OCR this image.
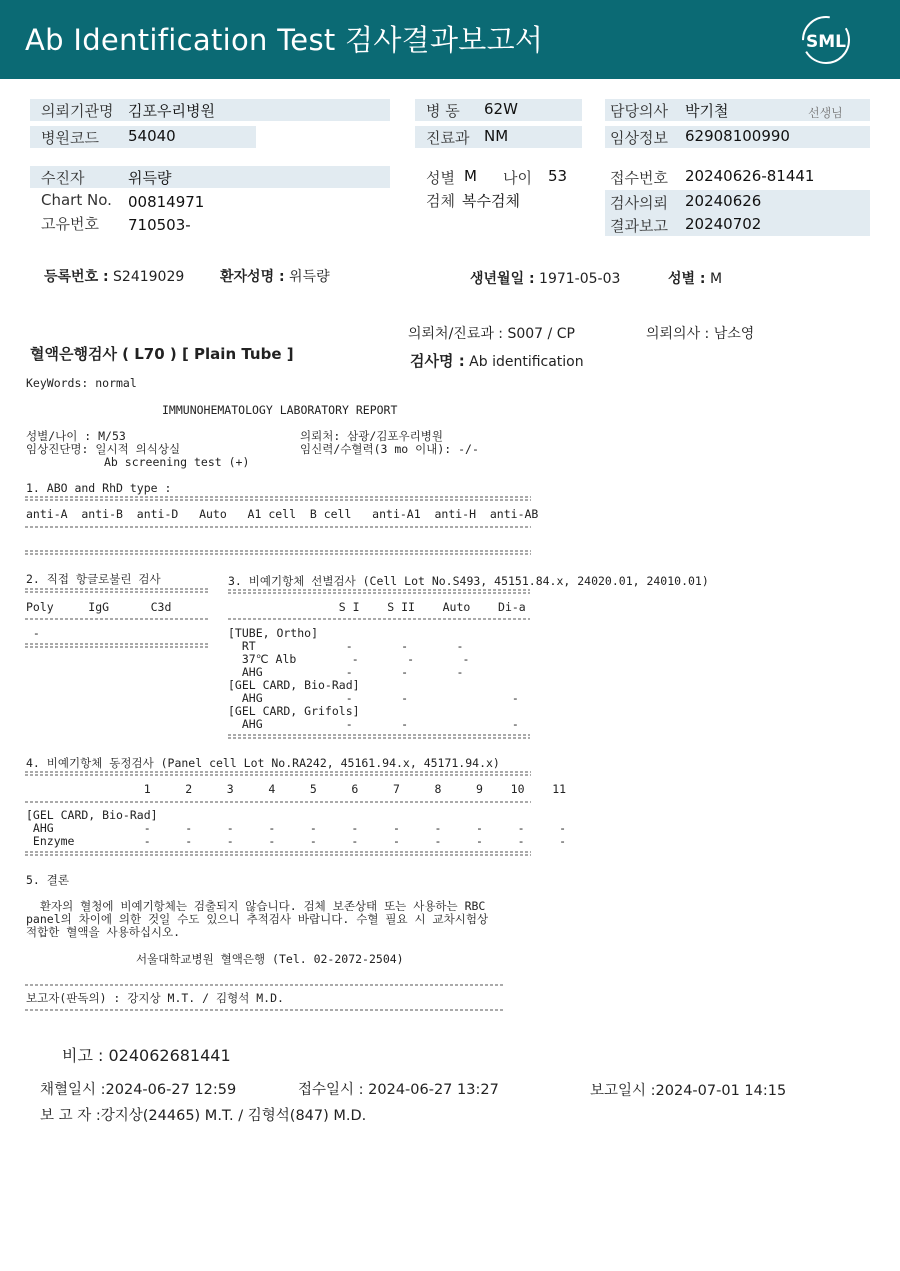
Ab Identification Test 검사결과보고서	SML
의뢰기관명 김포우리병원
병원코드 54040
병 동 62W
진료과 NM
담당의사 박기철	선생님
임상정보 62908100990
수진자	위득량
Chart No. 00814971
고유번호 710503-
성별 M 나이 53
검체 복수검체
접수번호 20240626-81441
검사의뢰 20240626
결과보고 20240702
등록번호 : S2419029	환자성명 : 위득량	생년월일 : 1971-05-03	성별 : M
의뢰처/진료과 : S007 / CP	의뢰의사 : 남소영
혈액은행검사 ( L70 ) [ Plain Tube ]	검사명 : Ab identification
KeyWords: normal
IMMUNOHEMATOLOGY LABORATORY REPORT
성별/나이 : M/53
임상진단명: 일시적 의식상실
Ab screening test (+)
의뢰처: 삼광/김포우리병원
임신력/수혈력(3 mo 이내): -/-
1. ABO and RhD type :
anti-A  anti-B  anti-D   Auto   A1 cell  B cell   anti-A1  anti-H  anti-AB
2. 직접 항글로불린 검사
Poly     IgG      C3d
-
3. 비예기항체 선별검사 (Cell Lot No.S493, 45151.84.x, 24020.01, 24010.01)
S I    S II    Auto    Di-a
[TUBE, Ortho]
RT             -       -       -
37℃ Alb        -       -       -
AHG            -       -       -
[GEL CARD, Bio-Rad]
AHG            -       -               -
[GEL CARD, Grifols]
AHG            -       -               -
4. 비예기항체 동정검사 (Panel cell Lot No.RA242, 45161.94.x, 45171.94.x)
1     2     3     4     5     6     7     8     9    10    11
[GEL CARD, Bio-Rad]
AHG             -     -     -     -     -     -     -     -     -     -     -
Enzyme          -     -     -     -     -     -     -     -     -     -     -
5. 결론
환자의 혈청에 비예기항체는 검출되지 않습니다. 검체 보존상태 또는 사용하는 RBC
panel의 차이에 의한 것일 수도 있으니 추적검사 바랍니다. 수혈 필요 시 교차시험상
적합한 혈액을 사용하십시오.
서울대학교병원 혈액은행 (Tel. 02-2072-2504)
보고자(판독의) : 강지상 M.T. / 김형석 M.D.
비고 : 024062681441
채혈일시 :2024-06-27 12:59	접수일시 : 2024-06-27 13:27	보고일시 :2024-07-01 14:15
보 고 자 :강지상(24465) M.T. / 김형석(847) M.D.
